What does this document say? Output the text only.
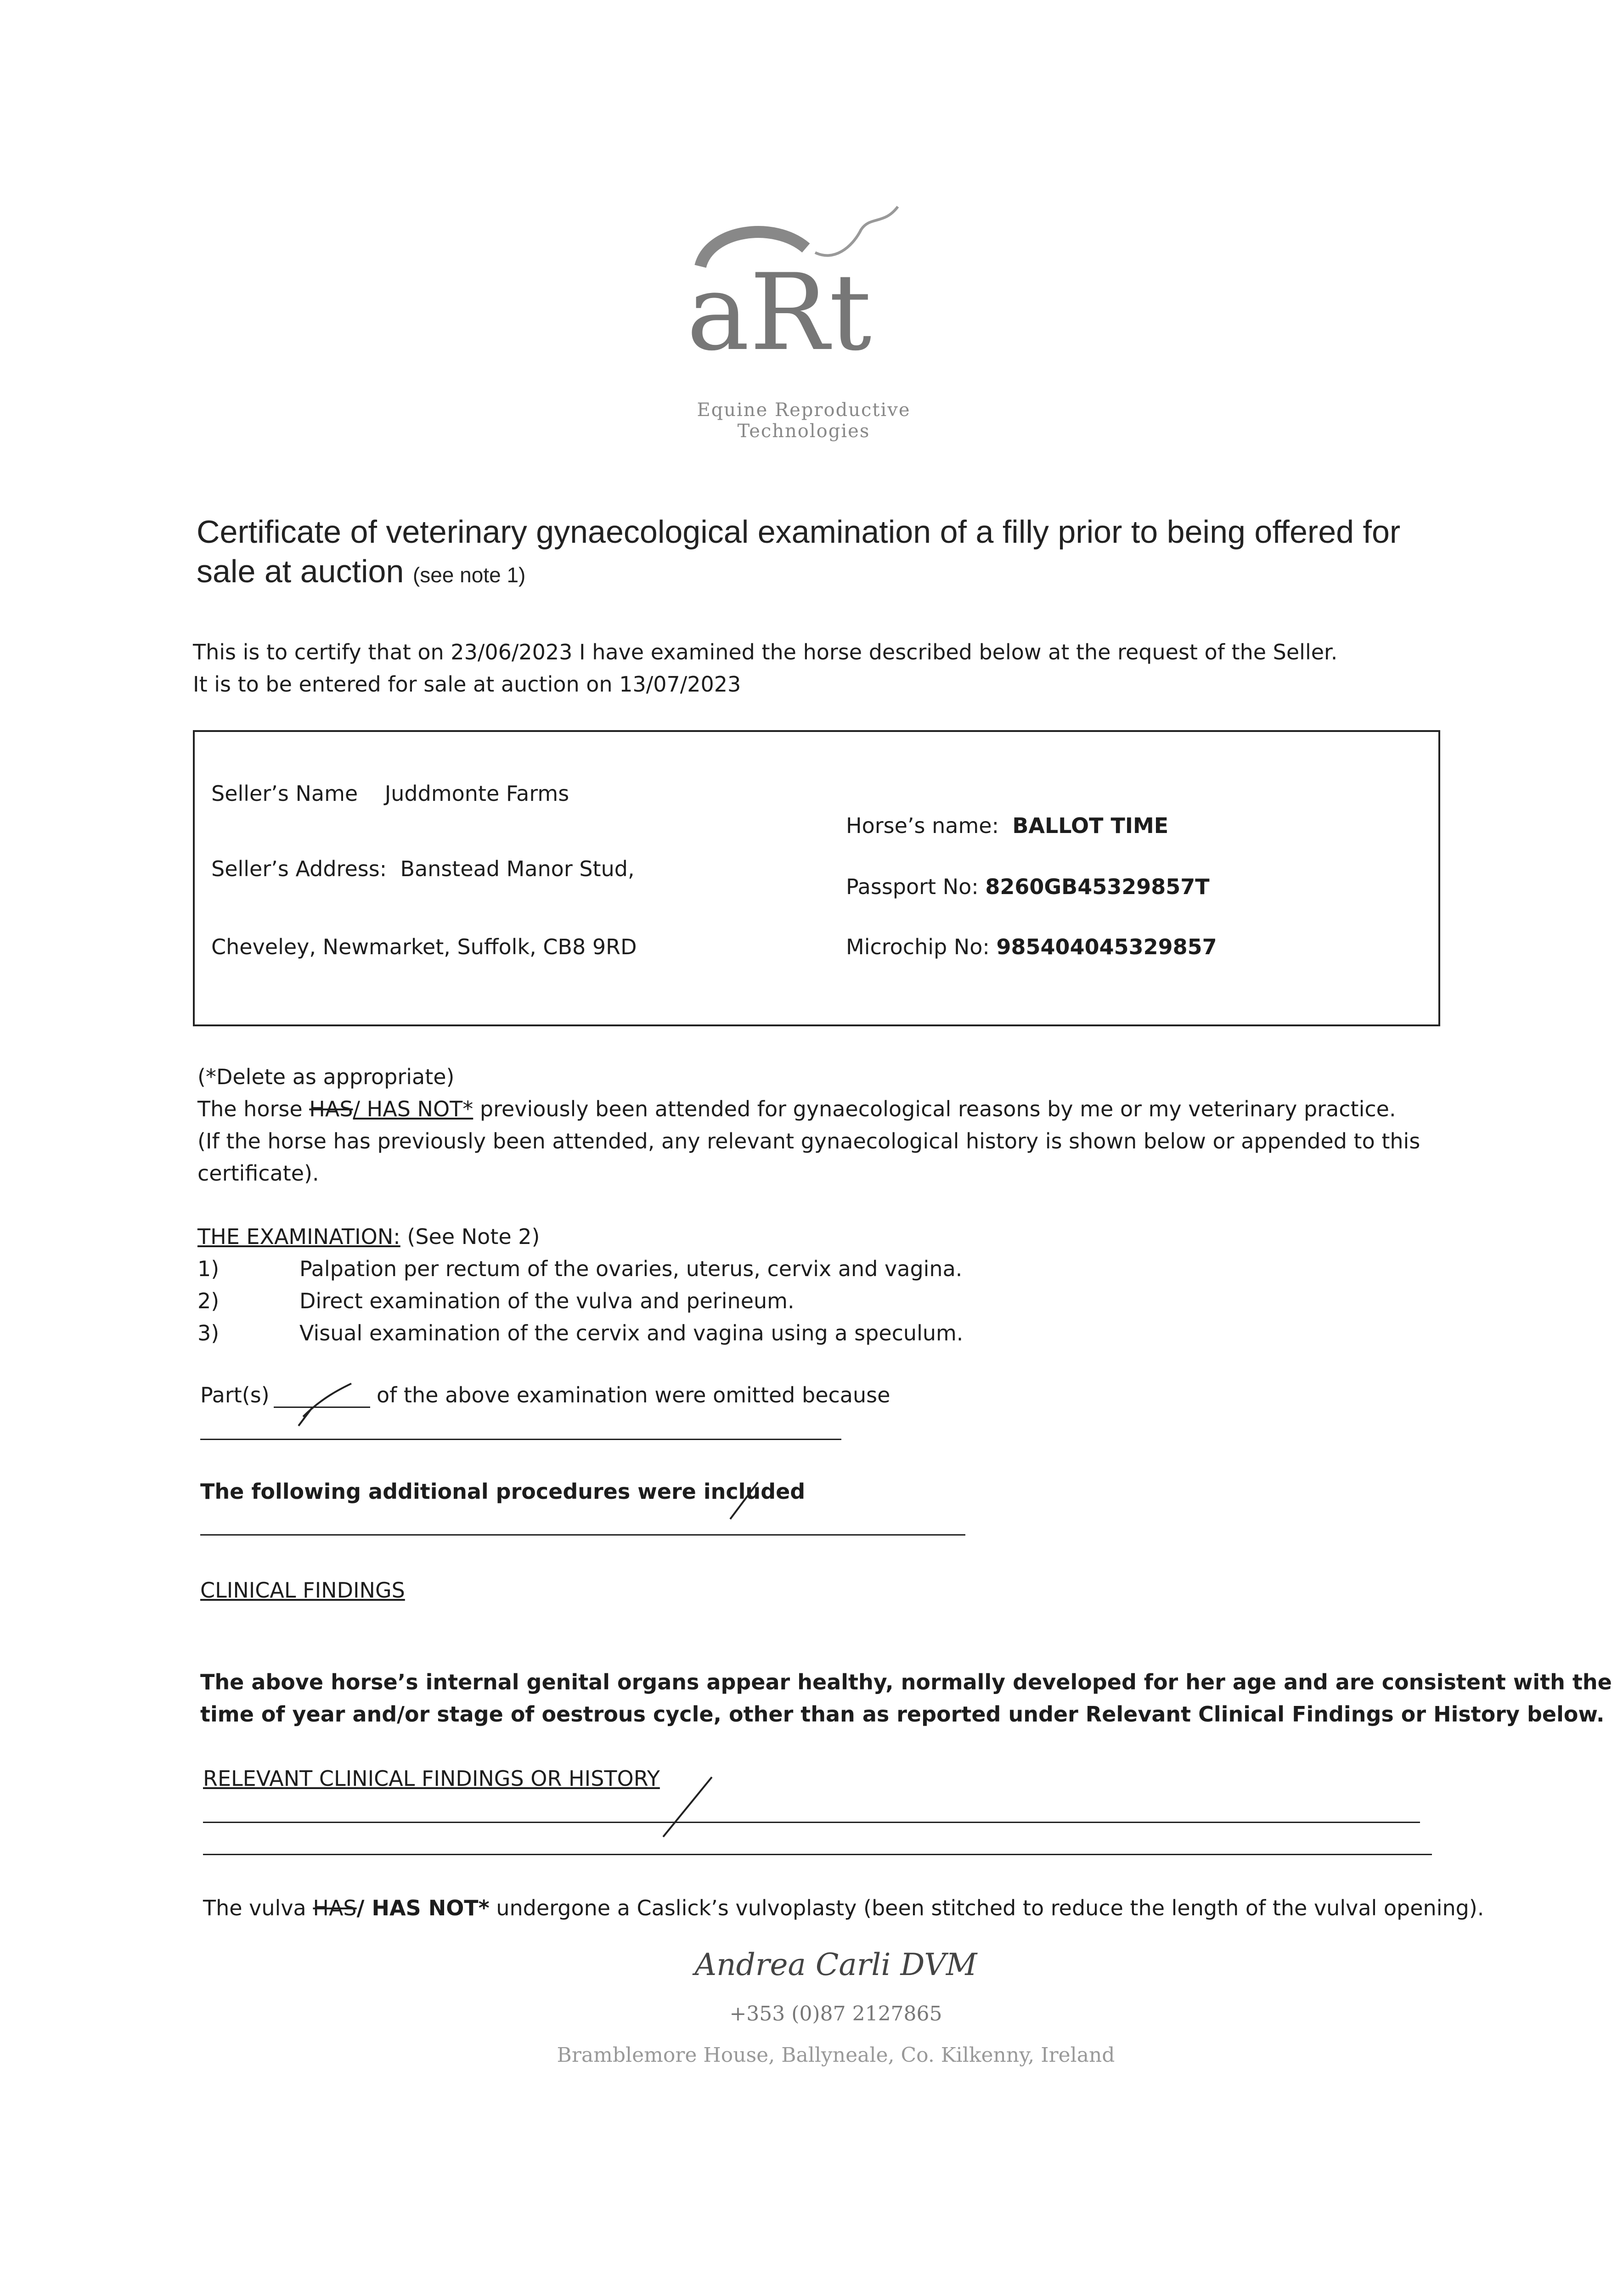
aRt
Equine Reproductive Technologies
Certificate of veterinary gynaecological examination of a filly prior to being offered for sale at auction (see note 1)
This is to certify that on 23/06/2023 I have examined the horse described below at the request of the Seller.
It is to be entered for sale at auction on 13/07/2023
Seller’s Name Juddmonte Farms
Seller’s Address: Banstead Manor Stud,
Cheveley, Newmarket, Suffolk, CB8 9RD
Horse’s name: BALLOT TIME
Passport No: 8260GB45329857T
Microchip No: 985404045329857
(*Delete as appropriate)
The horse HAS/ HAS NOT* previously been attended for gynaecological reasons by me or my veterinary practice.
(If the horse has previously been attended, any relevant gynaecological history is shown below or appended to this
certificate).
THE EXAMINATION: (See Note 2)
1)	Palpation per rectum of the ovaries, uterus, cervix and vagina.
2)	Direct examination of the vulva and perineum.
3)	Visual examination of the cervix and vagina using a speculum.
Part(s)	of the above examination were omitted because
The following additional procedures were included
CLINICAL FINDINGS
The above horse’s internal genital organs appear healthy, normally developed for her age and are consistent with the
time of year and/or stage of oestrous cycle, other than as reported under Relevant Clinical Findings or History below.
RELEVANT CLINICAL FINDINGS OR HISTORY
The vulva HAS/ HAS NOT* undergone a Caslick’s vulvoplasty (been stitched to reduce the length of the vulval opening).
Andrea Carli DVM
+353 (0)87 2127865
Bramblemore House, Ballyneale, Co. Kilkenny, Ireland
